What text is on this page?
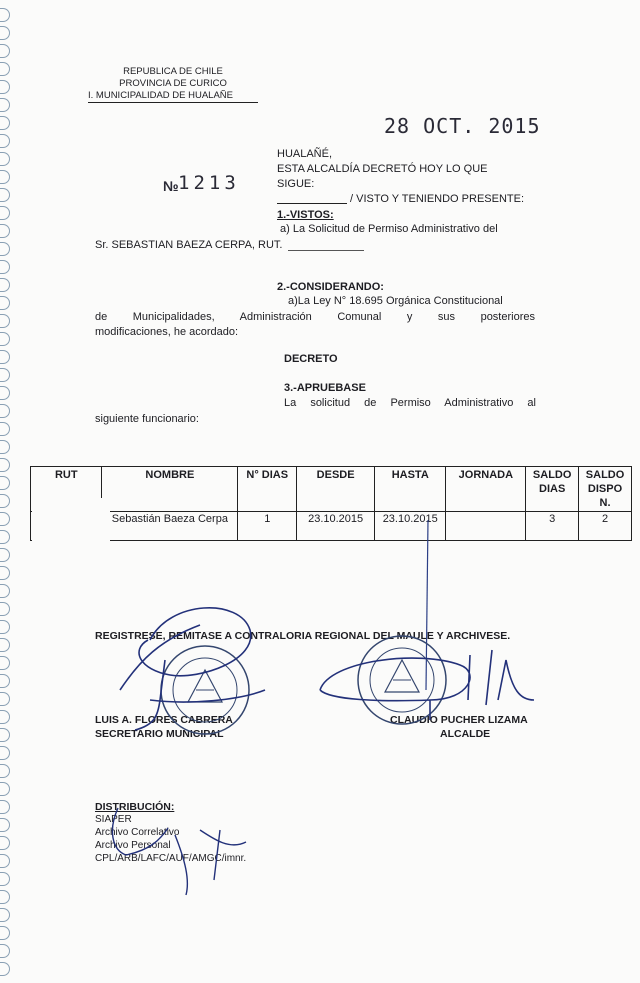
REPUBLICA DE CHILE
PROVINCIA DE CURICO
I. MUNICIPALIDAD DE HUALAÑE
28 OCT. 2015
1213
№
HUALAÑÉ,
ESTA ALCALDÍA DECRETÓ HOY LO QUE
SIGUE:
/ VISTO Y TENIENDO PRESENTE:
1.-VISTOS:
a) La Solicitud de Permiso Administrativo del
Sr. SEBASTIAN BAEZA CERPA, RUT.
2.-CONSIDERANDO:
a)La Ley N° 18.695 Orgánica Constitucional
de Municipalidades, Administración Comunal y sus posteriores
modificaciones, he acordado:
DECRETO
3.-APRUEBASE
La solicitud de Permiso Administrativo al
siguiente funcionario:
RUT	NOMBRE	N° DIAS	DESDE	HASTA	JORNADA	SALDO DIAS	SALDO DISPO N.
	Sebastián Baeza Cerpa	1	23.10.2015	23.10.2015		3	2
REGISTRESE, REMITASE A CONTRALORIA REGIONAL DEL MAULE Y ARCHIVESE.
LUIS A. FLORES CABRERA
SECRETARIO MUNICIPAL
CLAUDIO PUCHER LIZAMA
ALCALDE
DISTRIBUCIÓN:
SIAPER
Archivo Correlativo
Archivo Personal
CPL/ARB/LAFC/AUF/AMGC/imnr.
